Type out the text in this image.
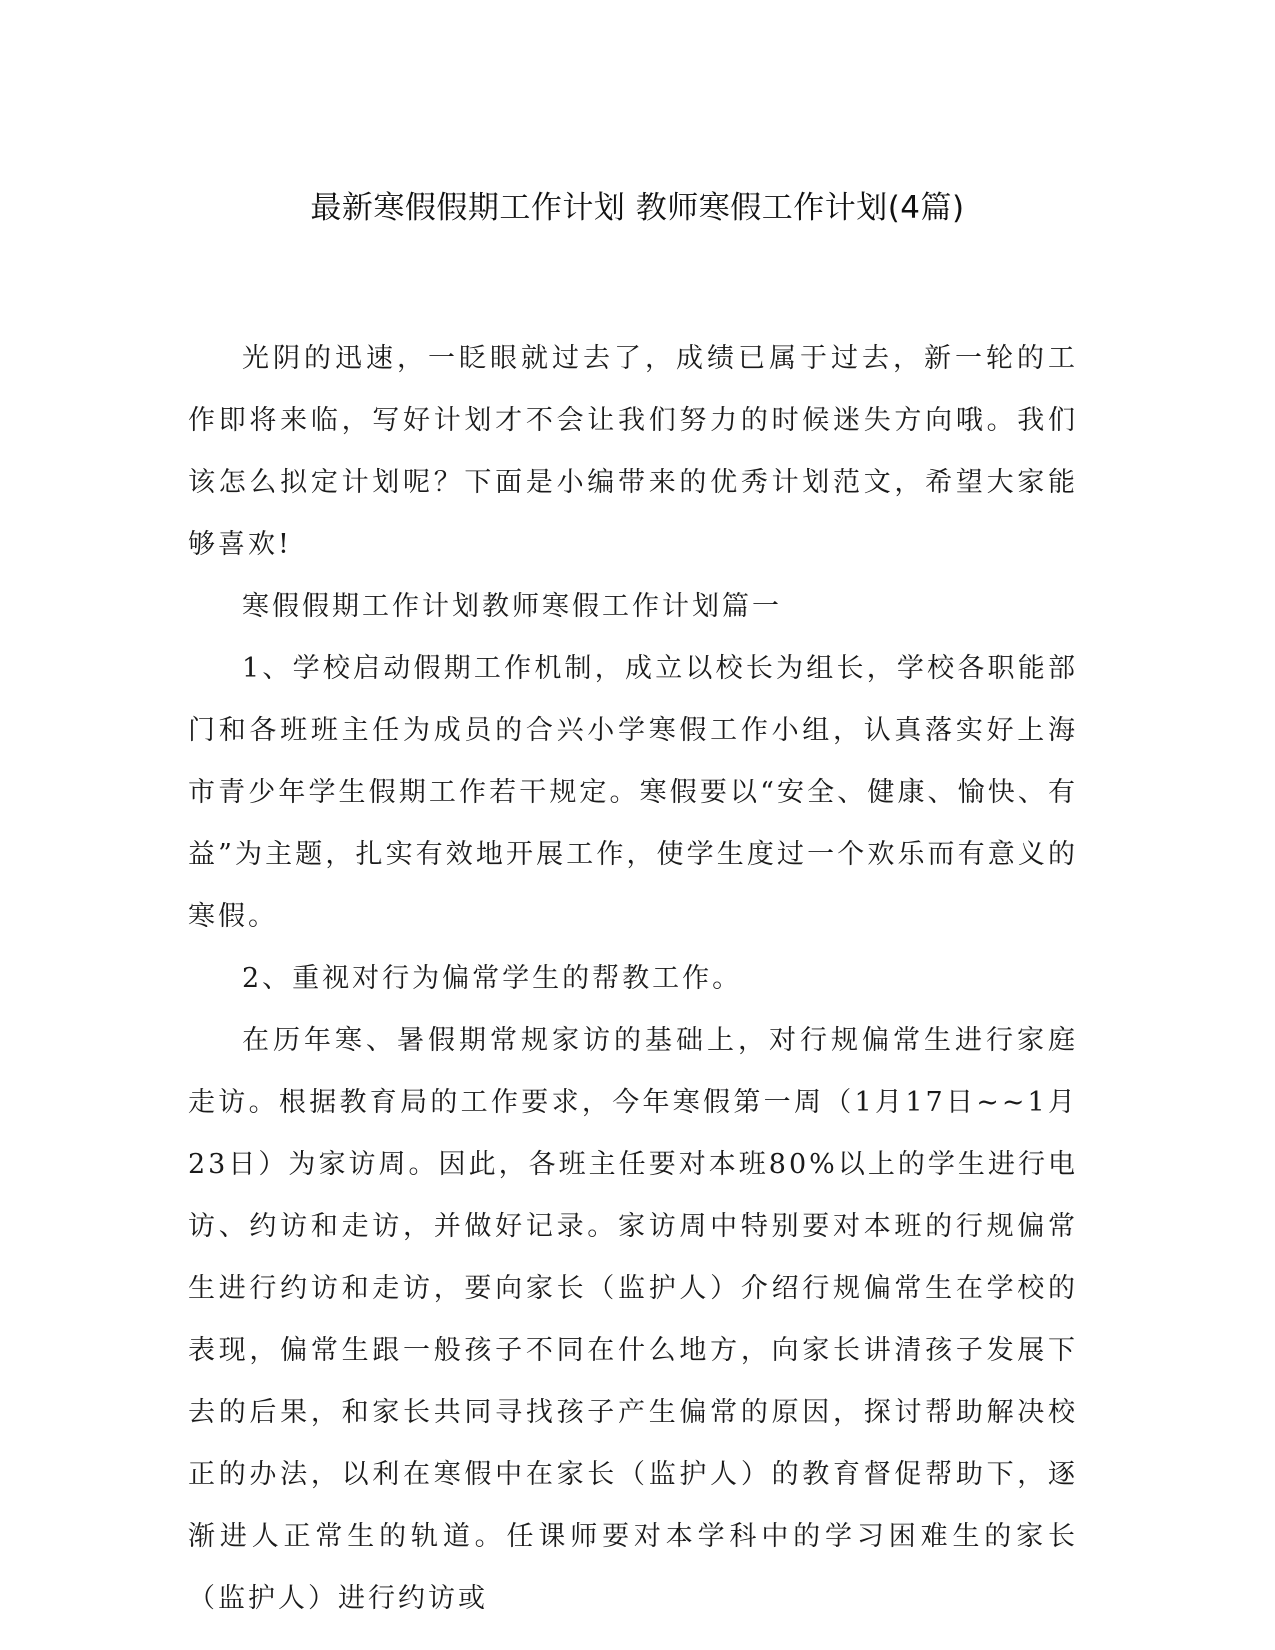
最新寒假假期工作计划 教师寒假工作计划(4篇)

光阴的迅速，一眨眼就过去了，成绩已属于过去，新一轮的工作即将来临，写好计划才不会让我们努力的时候迷失方向哦。我们该怎么拟定计划呢？下面是小编带来的优秀计划范文，希望大家能够喜欢!

寒假假期工作计划教师寒假工作计划篇一

1、学校启动假期工作机制，成立以校长为组长，学校各职能部门和各班班主任为成员的合兴小学寒假工作小组，认真落实好上海市青少年学生假期工作若干规定。寒假要以“安全、健康、愉快、有益”为主题，扎实有效地开展工作，使学生度过一个欢乐而有意义的寒假。

2、重视对行为偏常学生的帮教工作。

在历年寒、暑假期常规家访的基础上，对行规偏常生进行家庭走访。根据教育局的工作要求，今年寒假第一周（1月17日~~1月23日）为家访周。因此，各班主任要对本班80%以上的学生进行电访、约访和走访，并做好记录。家访周中特别要对本班的行规偏常生进行约访和走访，要向家长（监护人）介绍行规偏常生在学校的表现，偏常生跟一般孩子不同在什么地方，向家长讲清孩子发展下去的后果，和家长共同寻找孩子产生偏常的原因，探讨帮助解决校正的办法，以利在寒假中在家长（监护人）的教育督促帮助下，逐渐进人正常生的轨道。任课师要对本学科中的学习困难生的家长（监护人）进行约访或
